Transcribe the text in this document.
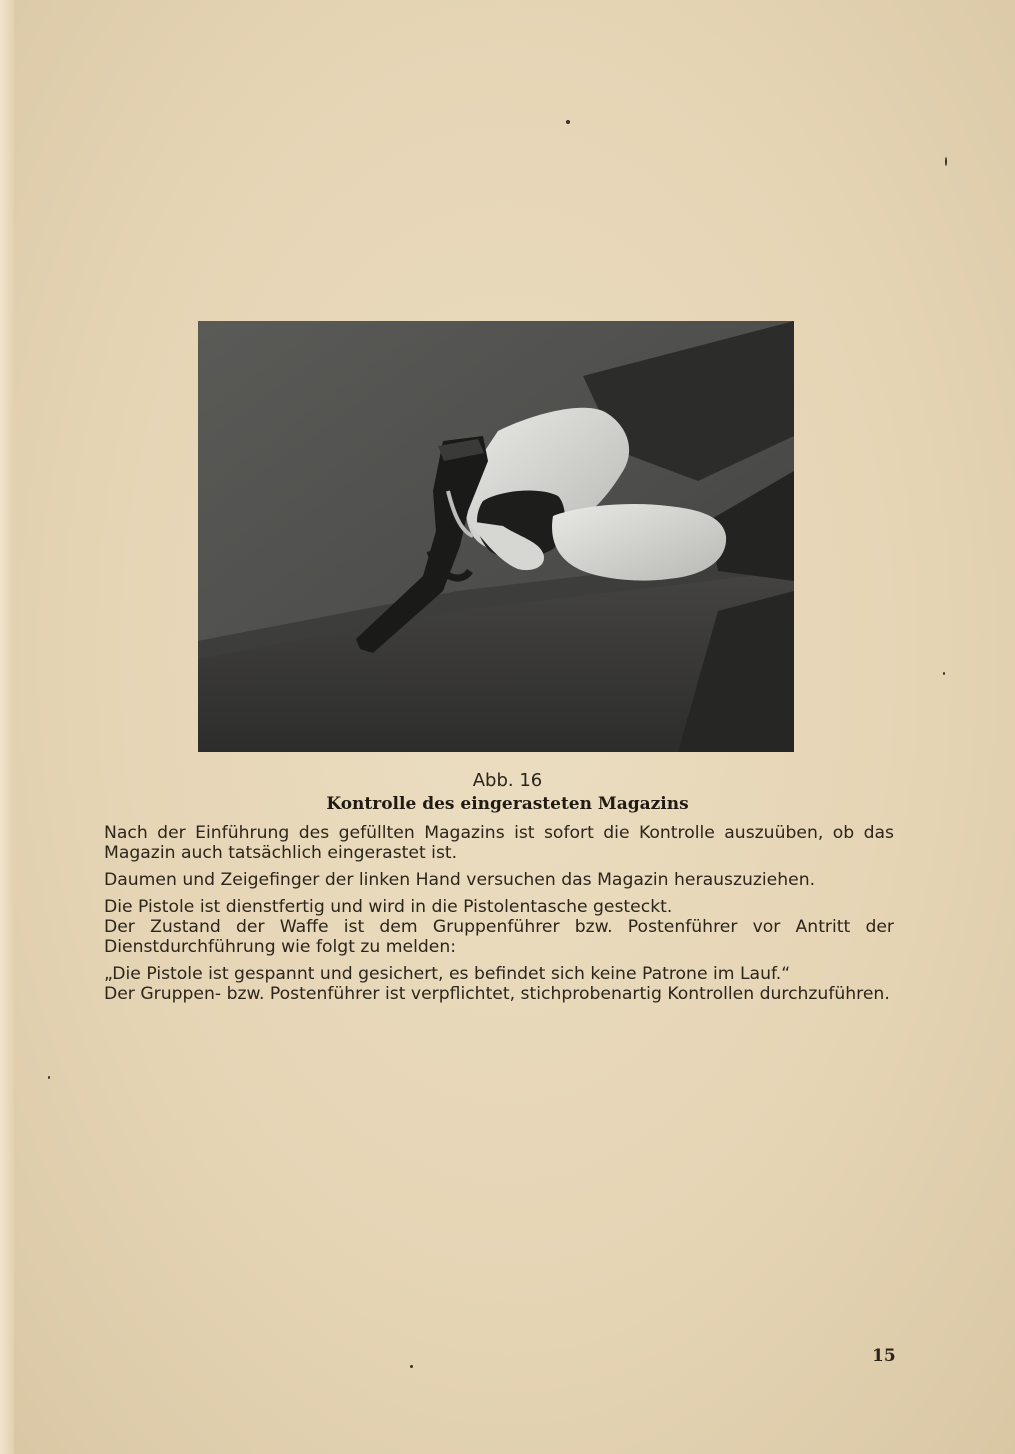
Abb. 16
Kontrolle des eingerasteten Magazins

Nach der Einführung des gefüllten Magazins ist sofort die Kontrolle auszuüben, ob das Magazin auch tatsächlich eingerastet ist.

Daumen und Zeigefinger der linken Hand versuchen das Magazin herauszuziehen.

Die Pistole ist dienstfertig und wird in die Pistolentasche gesteckt.

Der Zustand der Waffe ist dem Gruppenführer bzw. Postenführer vor Antritt der Dienstdurchführung wie folgt zu melden:

„Die Pistole ist gespannt und gesichert, es befindet sich keine Patrone im Lauf.“

Der Gruppen- bzw. Postenführer ist verpflichtet, stichprobenartig Kontrollen durchzuführen.

15
